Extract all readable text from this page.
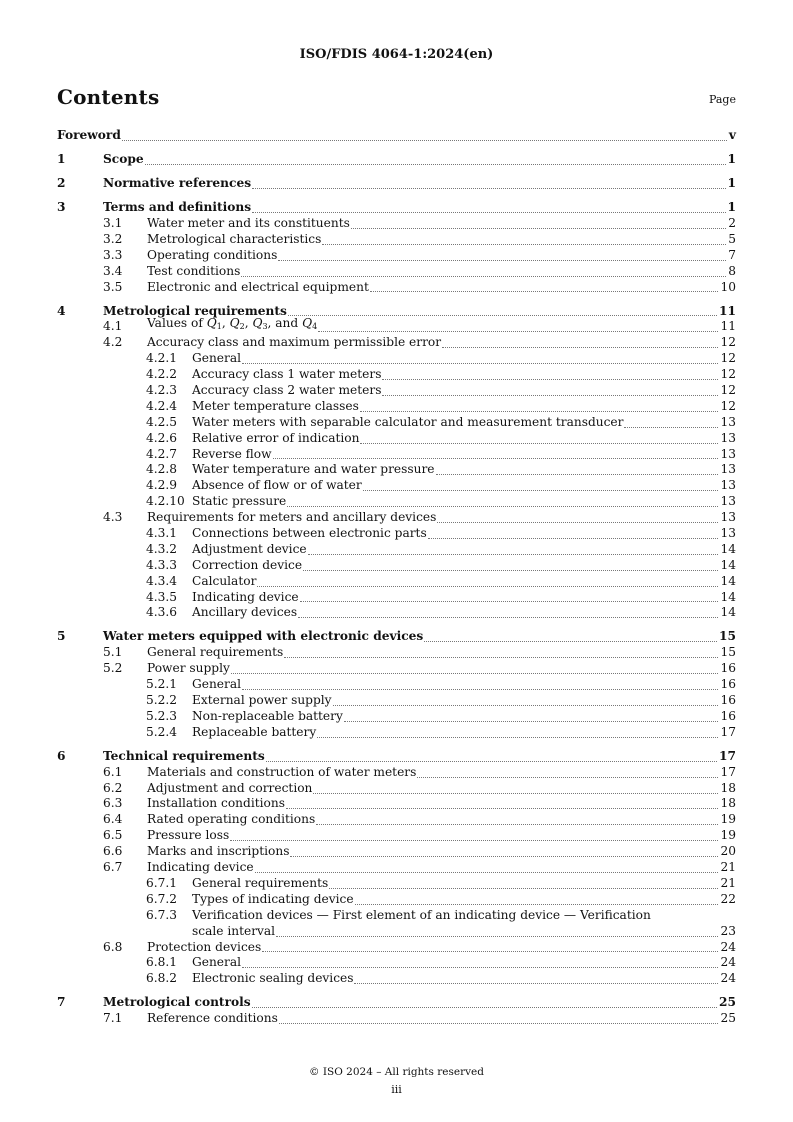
ISO/FDIS 4064-1:2024(en)
Contents	Page
Foreword	v
1	Scope	1
2	Normative references	1
3	Terms and definitions	1
3.1	Water meter and its constituents	2
3.2	Metrological characteristics	5
3.3	Operating conditions	7
3.4	Test conditions	8
3.5	Electronic and electrical equipment	10
4	Metrological requirements	11
4.1	Values of $Q_1$, $Q_2$, $Q_3$, and $Q_4$	11
4.2	Accuracy class and maximum permissible error	12
4.2.1	General	12
4.2.2	Accuracy class 1 water meters	12
4.2.3	Accuracy class 2 water meters	12
4.2.4	Meter temperature classes	12
4.2.5	Water meters with separable calculator and measurement transducer	13
4.2.6	Relative error of indication	13
4.2.7	Reverse flow	13
4.2.8	Water temperature and water pressure	13
4.2.9	Absence of flow or of water	13
4.2.10 Static pressure	13
4.3	Requirements for meters and ancillary devices	13
4.3.1	Connections between electronic parts	13
4.3.2	Adjustment device	14
4.3.3	Correction device	14
4.3.4	Calculator	14
4.3.5	Indicating device	14
4.3.6	Ancillary devices	14
5	Water meters equipped with electronic devices	15
5.1	General requirements	15
5.2	Power supply	16
5.2.1	General	16
5.2.2	External power supply	16
5.2.3	Non-replaceable battery	16
5.2.4	Replaceable battery	17
6	Technical requirements	17
6.1	Materials and construction of water meters	17
6.2	Adjustment and correction	18
6.3	Installation conditions	18
6.4	Rated operating conditions	19
6.5	Pressure loss	19
6.6	Marks and inscriptions	20
6.7	Indicating device	21
6.7.1	General requirements	21
6.7.2	Types of indicating device	22
6.7.3	Verification devices — First element of an indicating device — Verification
scale interval	23
6.8	Protection devices	24
6.8.1	General	24
6.8.2	Electronic sealing devices	24
7	Metrological controls	25
7.1	Reference conditions	25
© ISO 2024 – All rights reserved
iii
